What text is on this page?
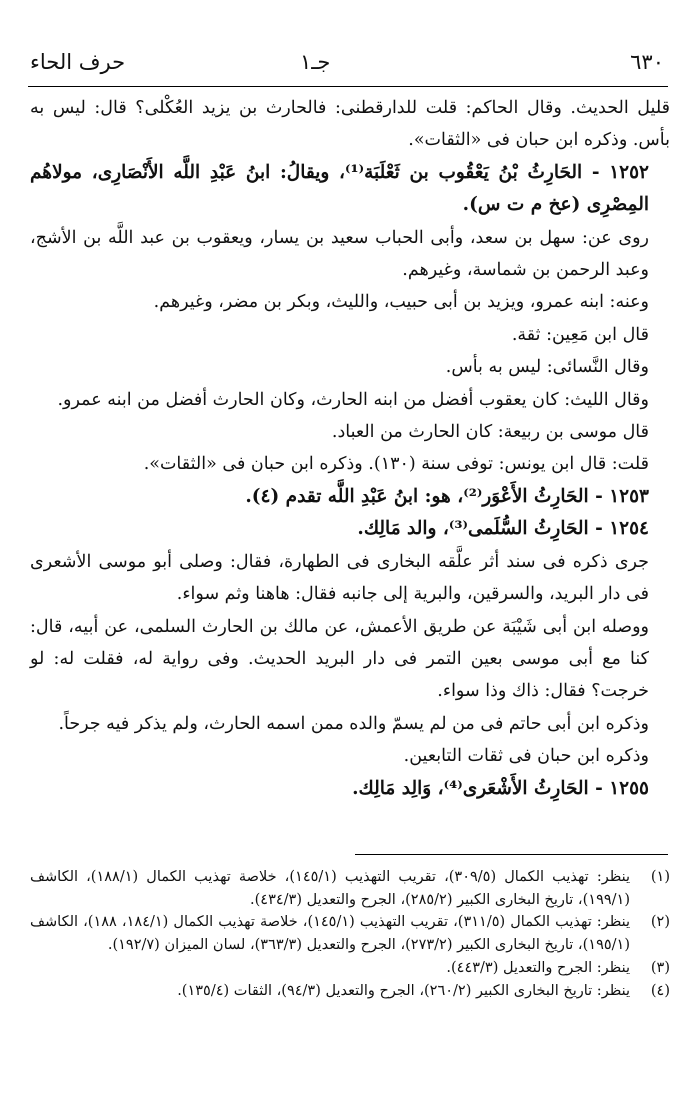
٦٣٠
جـ١
حرف الحاء

قليل الحديث. وقال الحاكم: قلت للدارقطنى: فالحارث بن يزيد العُكْلى؟ قال: ليس به بأس. وذكره ابن حبان فى «الثقات».

١٢٥٢ - الحَارِثُ بْنُ يَعْقُوب بن ثَعْلَبَة⁽¹⁾، ويقالُ: ابنُ عَبْدِ اللَّه الأَنْصَارِى، مولاهُم المِصْرِى (عخ م ت س).

روى عن: سهل بن سعد، وأبى الحباب سعيد بن يسار، ويعقوب بن عبد اللَّه بن الأشج، وعبد الرحمن بن شماسة، وغيرهم.

وعنه: ابنه عمرو، ويزيد بن أبى حبيب، والليث، وبكر بن مضر، وغيرهم.

قال ابن مَعِين: ثقة.

وقال النَّسائى: ليس به بأس.

وقال الليث: كان يعقوب أفضل من ابنه الحارث، وكان الحارث أفضل من ابنه عمرو.

قال موسى بن ربيعة: كان الحارث من العباد.

قلت: قال ابن يونس: توفى سنة (١٣٠). وذكره ابن حبان فى «الثقات».

١٢٥٣ - الحَارِثُ الأَعْوَر⁽²⁾، هو: ابنُ عَبْدِ اللَّه تقدم (٤).

١٢٥٤ - الحَارِثُ السُّلَمى⁽³⁾، والد مَالِك.

جرى ذكره فى سند أثر علَّقه البخارى فى الطهارة، فقال: وصلى أبو موسى الأشعرى فى دار البريد، والسرقين، والبرية إلى جانبه فقال: هاهنا وثم سواء.

ووصله ابن أبى شَيْبَة عن طريق الأعمش، عن مالك بن الحارث السلمى، عن أبيه، قال: كنا مع أبى موسى بعين التمر فى دار البريد الحديث. وفى رواية له، فقلت له: لو خرجت؟ فقال: ذاك وذا سواء.

وذكره ابن أبى حاتم فى من لم يسمّ والده ممن اسمه الحارث، ولم يذكر فيه جرحاً.

وذكره ابن حبان فى ثقات التابعين.

١٢٥٥ - الحَارِثُ الأَشْعَرى⁽⁴⁾، وَالِد مَالِك.

(١)
ينظر: تهذيب الكمال (٣٠٩/٥)، تقريب التهذيب (١٤٥/١)، خلاصة تهذيب الكمال (١٨٨/١)، الكاشف (١٩٩/١)، تاريخ البخارى الكبير (٢٨٥/٢)، الجرح والتعديل (٤٣٤/٣).
(٢)
ينظر: تهذيب الكمال (٣١١/٥)، تقريب التهذيب (١٤٥/١)، خلاصة تهذيب الكمال (١٨٤/١، ١٨٨)، الكاشف (١٩٥/١)، تاريخ البخارى الكبير (٢٧٣/٢)، الجرح والتعديل (٣٦٣/٣)، لسان الميزان (١٩٢/٧).
(٣)
ينظر: الجرح والتعديل (٤٤٣/٣).
(٤)
ينظر: تاريخ البخارى الكبير (٢٦٠/٢)، الجرح والتعديل (٩٤/٣)، الثقات (١٣٥/٤).
